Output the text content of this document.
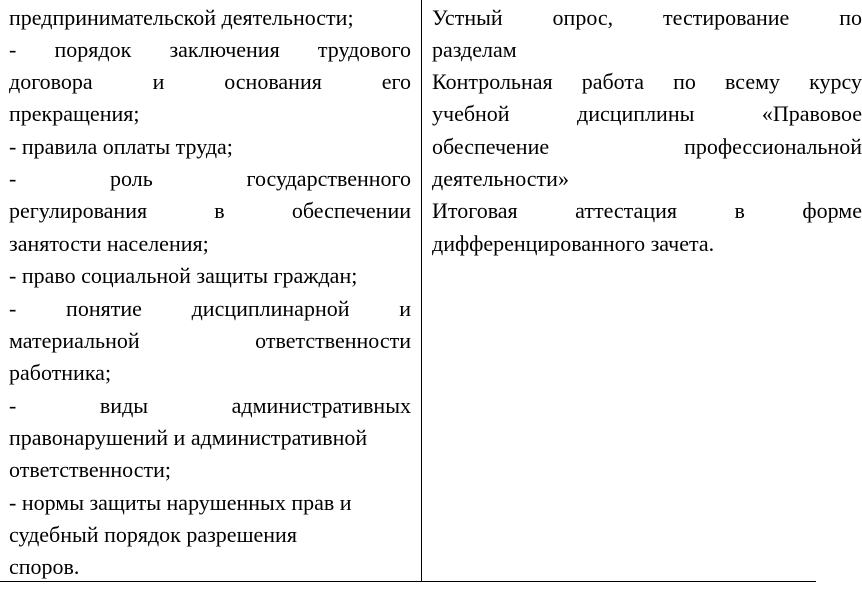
предпринимательской деятельности;
- порядок заключения трудового
договора и основания его
прекращения;
- правила оплаты труда;
- роль государственного
регулирования в обеспечении
занятости населения;
- право социальной защиты граждан;
- понятие дисциплинарной и
материальной ответственности
работника;
- виды административных
правонарушений и административной
ответственности;
- нормы защиты нарушенных прав и
судебный порядок разрешения
споров.
Устный опрос, тестирование по
разделам
Контрольная работа по всему курсу
учебной дисциплины «Правовое
обеспечение профессиональной
деятельности»
Итоговая аттестация в форме
дифференцированного зачета.
